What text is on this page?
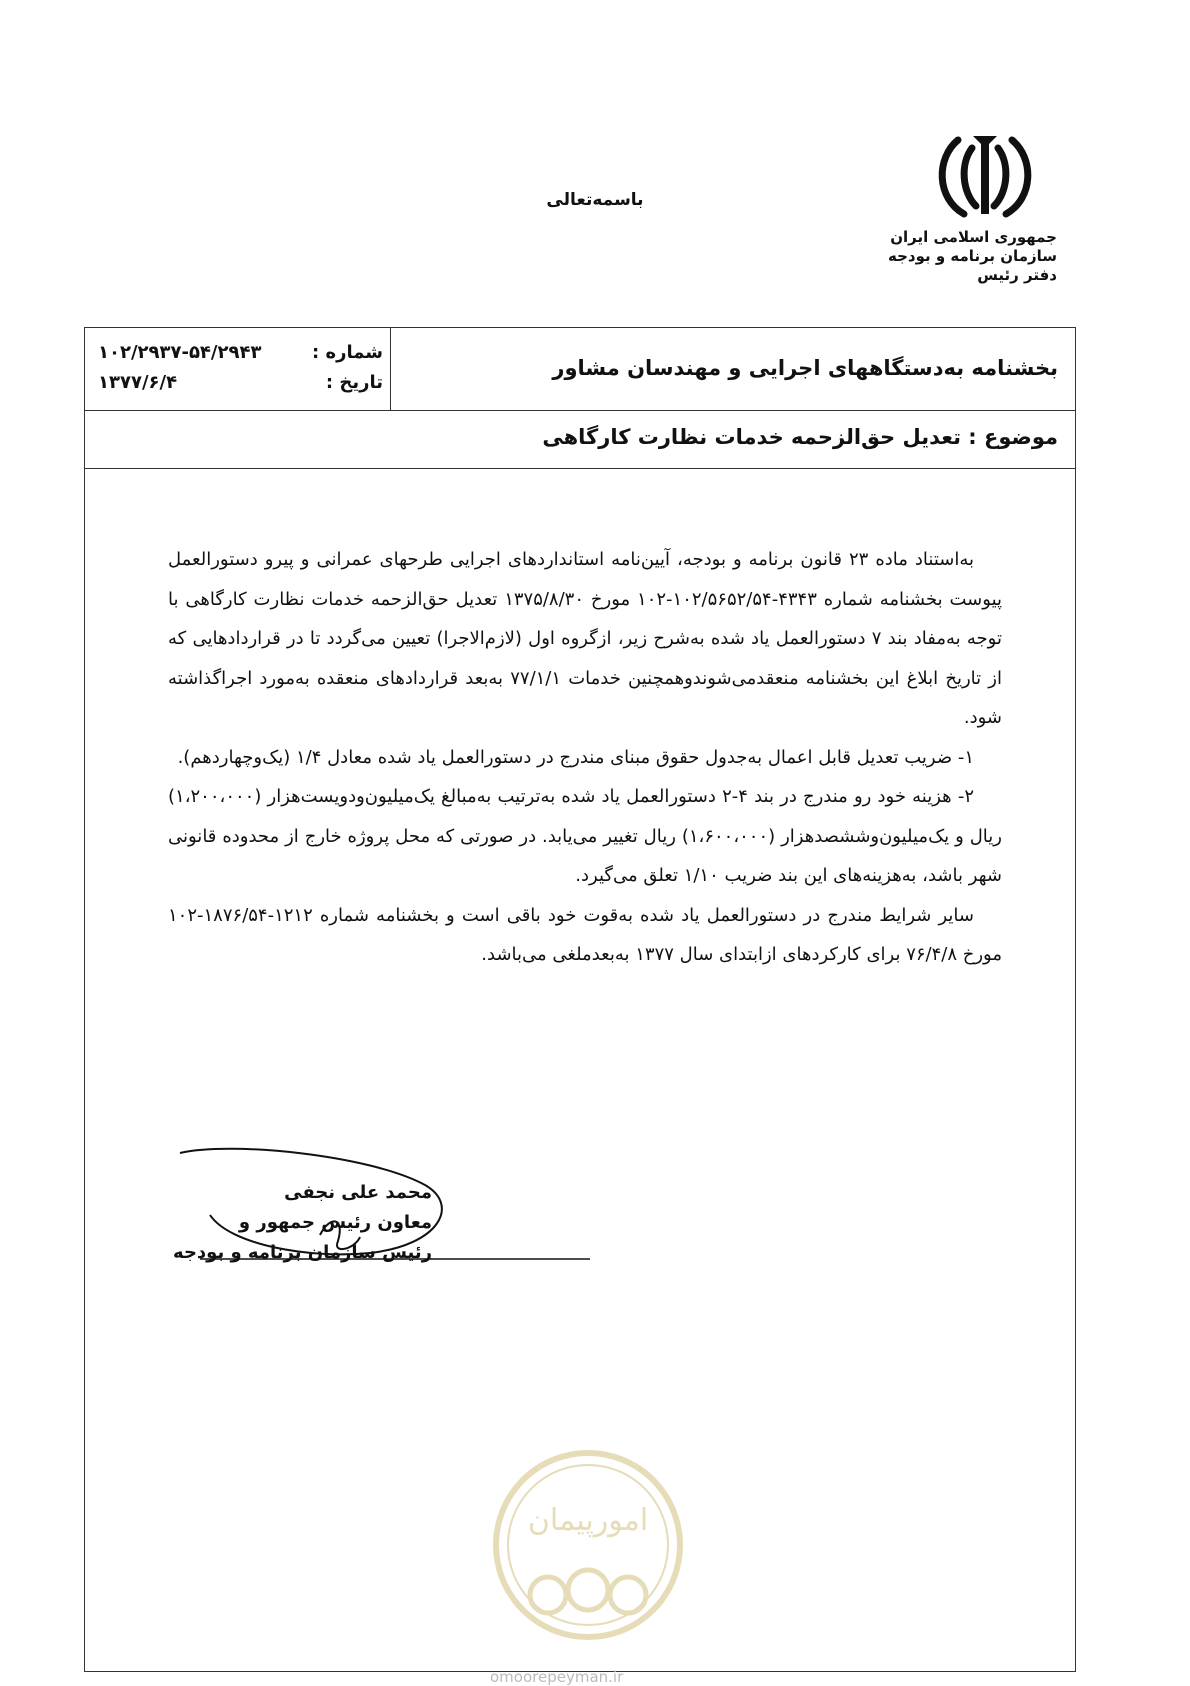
جمهوری اسلامی ایران
سازمان برنامه و بودجه
دفتر رئیس
باسمه‌تعالی
بخشنامه به‌دستگاههای اجرایی و مهندسان مشاور
شماره :
۱۰۲/۲۹۳۷-۵۴/۲۹۴۳
تاریخ :
۱۳۷۷/۶/۴
موضوع : تعدیل حق‌الزحمه خدمات نظارت کارگاهی

به‌استناد ماده ۲۳ قانون برنامه و بودجه، آیین‌نامه استانداردهای اجرایی طرحهای عمرانی و پیرو دستورالعمل پیوست بخشنامه شماره ۴۳۴۳-۱۰۲/۵۶۵۲/۵۴-۱۰۲ مورخ ۱۳۷۵/۸/۳۰ تعدیل حق‌الزحمه خدمات نظارت کارگاهی با توجه به‌مفاد بند ۷ دستورالعمل یاد شده به‌شرح زیر، ازگروه اول (لازم‌الاجرا) تعیین می‌گردد تا در قراردادهایی که از تاریخ ابلاغ این بخشنامه منعقدمی‌شوندوهمچنین خدمات ۷۷/۱/۱ به‌بعد قراردادهای منعقده به‌مورد اجراگذاشته شود.

۱- ضریب تعدیل قابل اعمال به‌جدول حقوق مبنای مندرج در دستورالعمل یاد شده معادل ۱/۴ (یک‌وچهاردهم).

۲- هزینه خود رو مندرج در بند ۴-۲ دستورالعمل یاد شده به‌ترتیب به‌مبالغ یک‌میلیون‌ودویست‌هزار (۱،۲۰۰،۰۰۰) ریال و یک‌میلیون‌وششصدهزار (۱،۶۰۰،۰۰۰) ریال تغییر می‌یابد. در صورتی که محل پروژه خارج از محدوده قانونی شهر باشد، به‌هزینه‌های این بند ضریب ۱/۱۰ تعلق می‌گیرد.

سایر شرایط مندرج در دستورالعمل یاد شده به‌قوت خود باقی است و بخشنامه شماره ۱۲۱۲-۱۸۷۶/۵۴-۱۰۲ مورخ ۷۶/۴/۸ برای کارکردهای ازابتدای سال ۱۳۷۷ به‌بعدملغی می‌باشد.

محمد علی نجفی
معاون رئیس جمهور و
رئیس سازمان برنامه و بودجه
امورپیمان
omoorepeyman.ir
